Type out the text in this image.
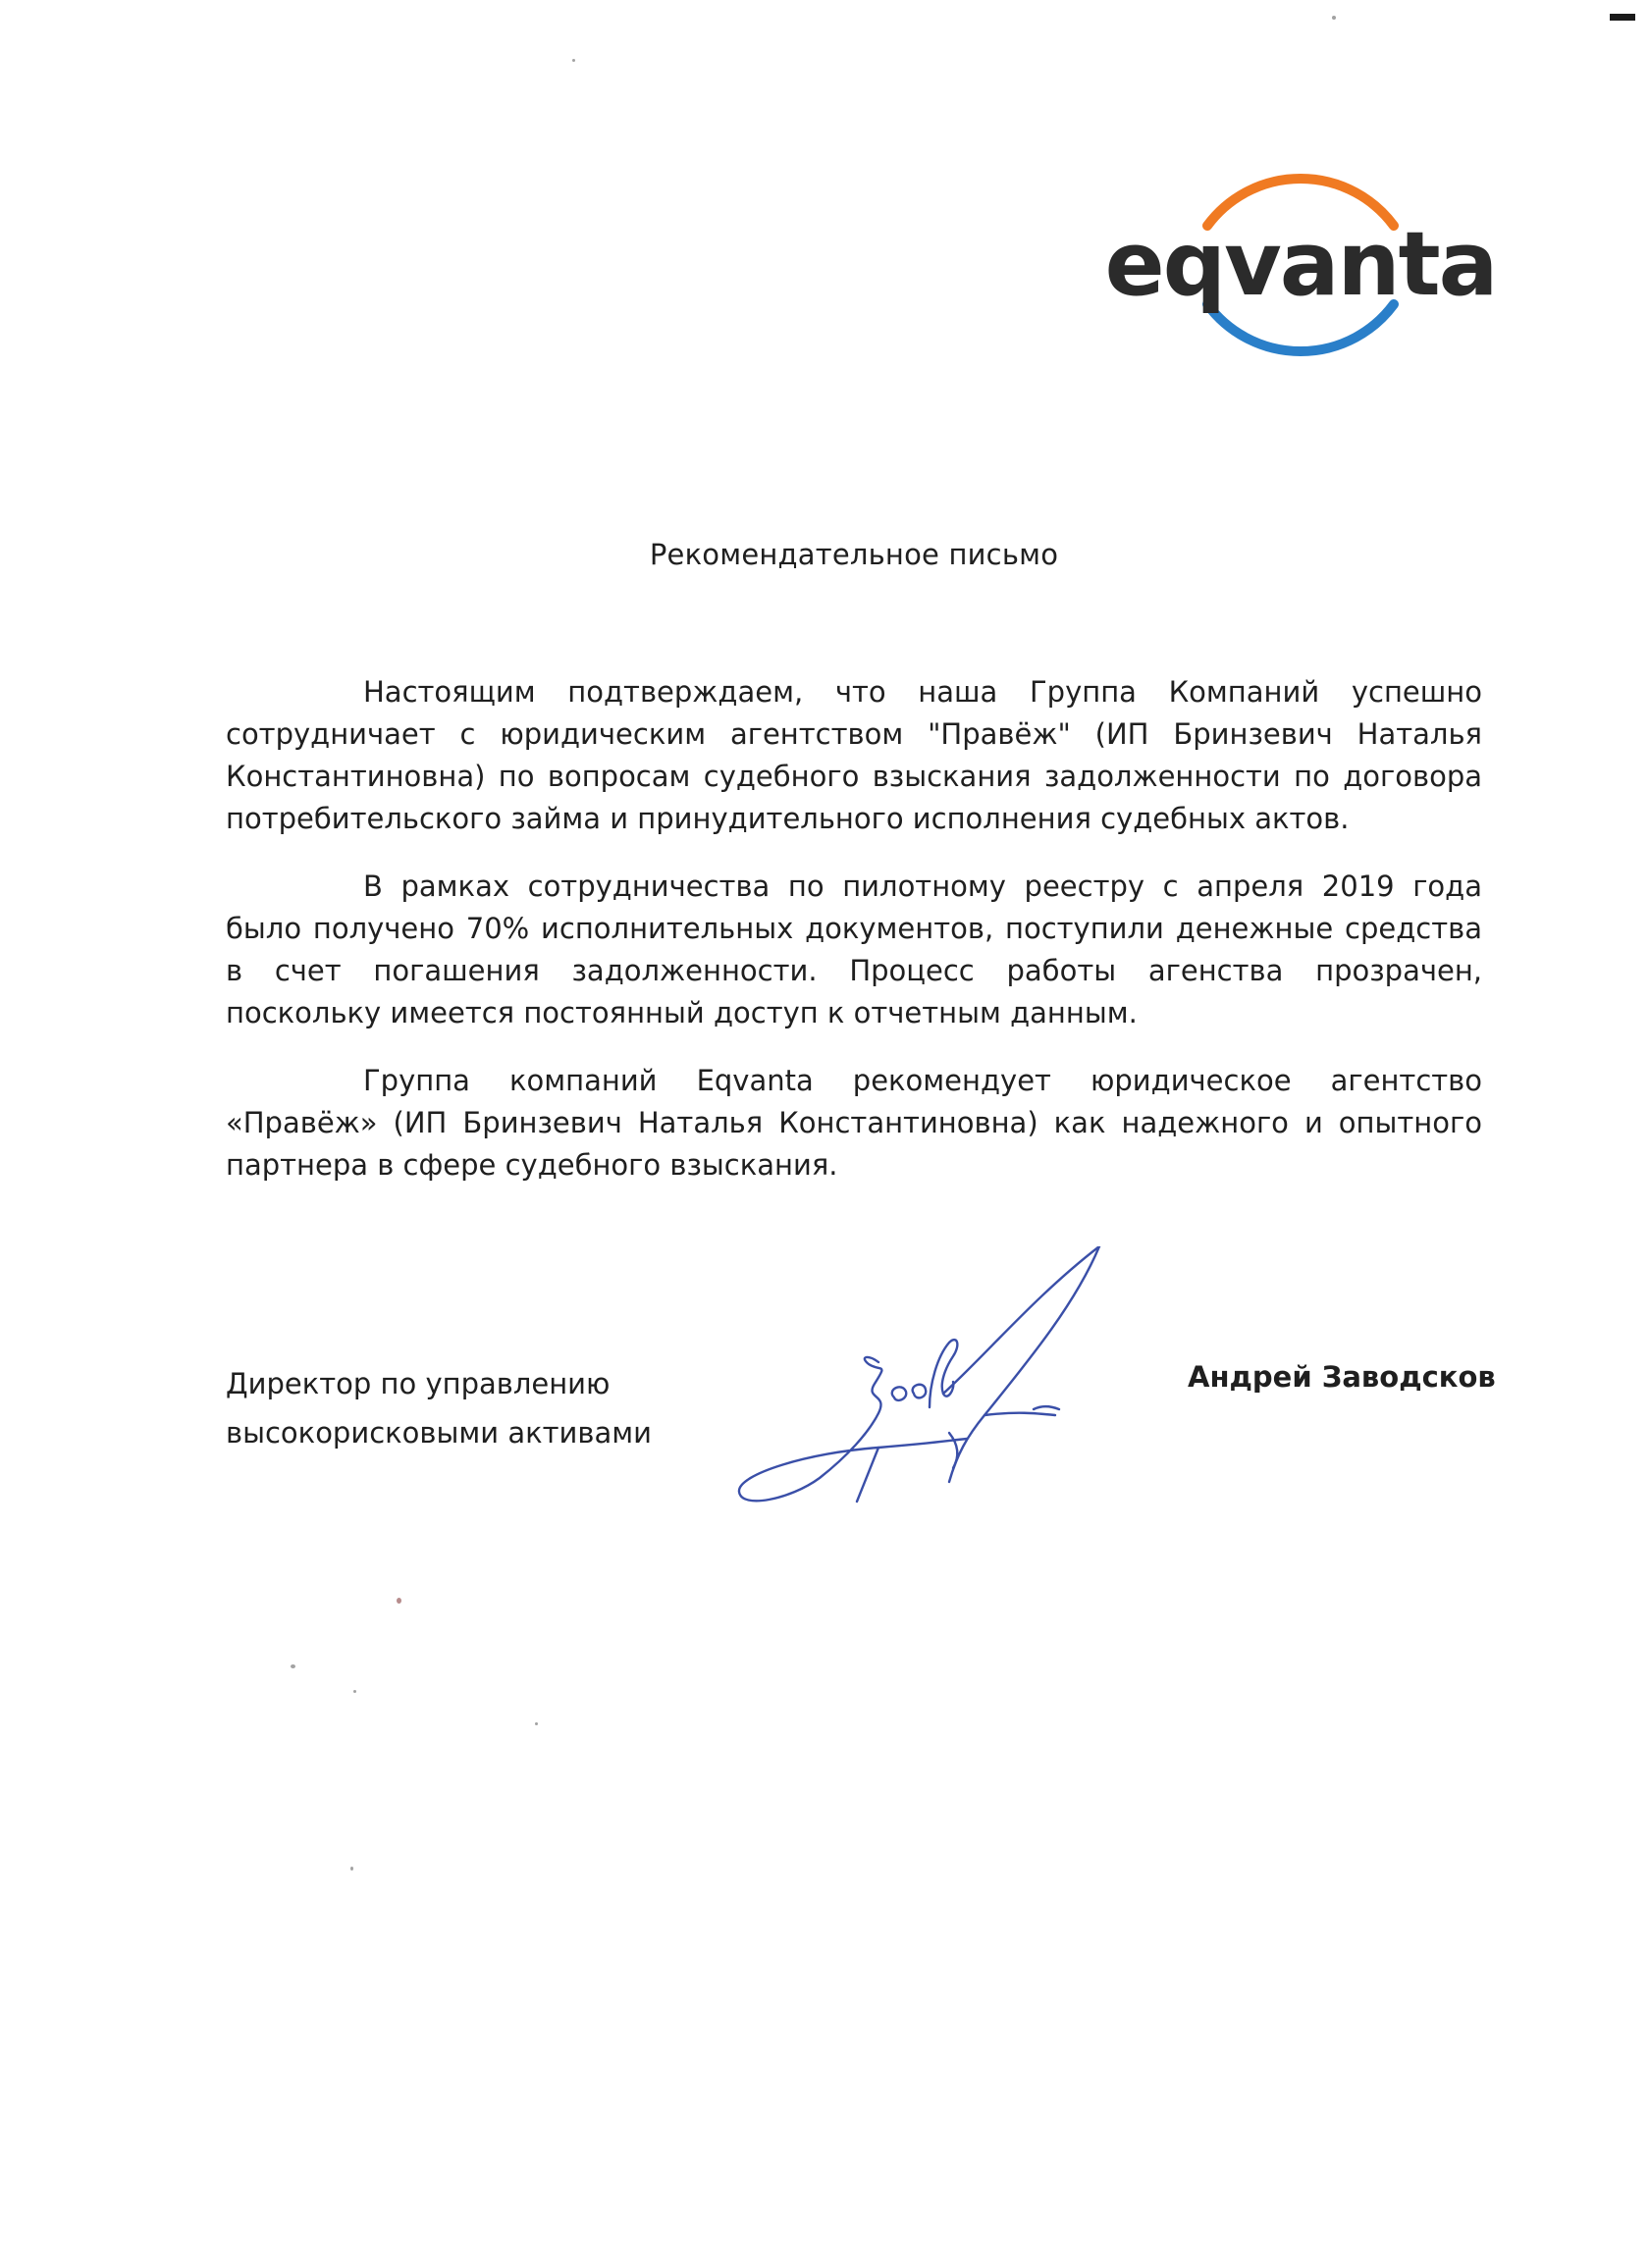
eqvanta
Рекомендательное письмо

Настоящим подтверждаем, что наша Группа Компаний успешно сотрудничает с юридическим агентством "Правёж" (ИП Бринзевич Наталья Константиновна) по вопросам судебного взыскания задолженности по договора потребительского займа и принудительного исполнения судебных актов.

В рамках сотрудничества по пилотному реестру с апреля 2019 года было получено 70% исполнительных документов, поступили денежные средства в счет погашения задолженности. Процесс работы агенства прозрачен, поскольку имеется постоянный доступ к отчетным данным.

Группа компаний Eqvanta рекомендует юридическое агентство «Правёж» (ИП Бринзевич Наталья Константиновна) как надежного и опытного партнера в сфере судебного взыскания.

Директор по управлению
высокорисковыми активами
Андрей Заводсков
